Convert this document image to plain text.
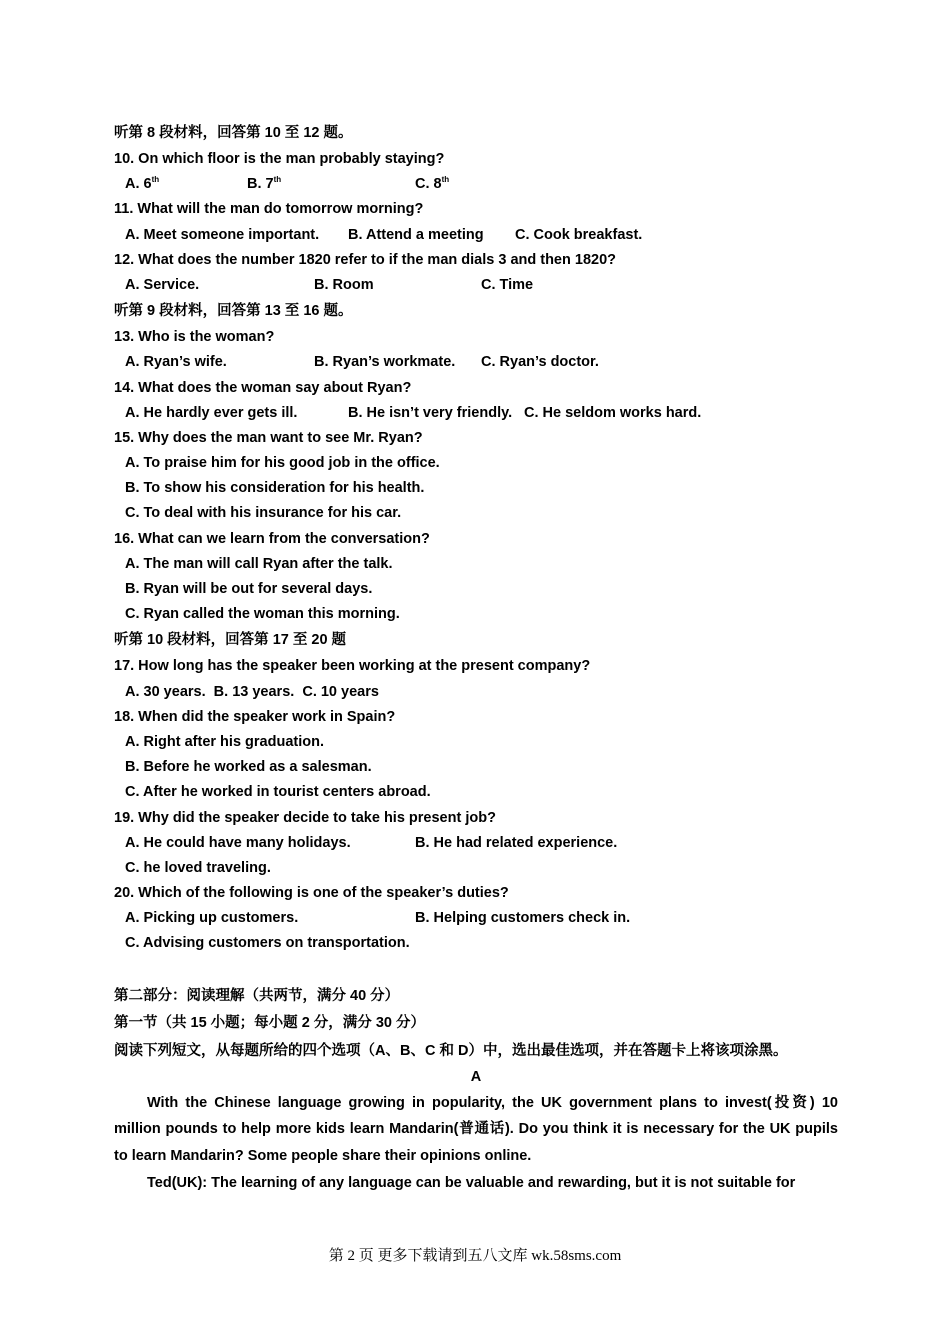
听第 8 段材料，回答第 10 至 12 题。
10. On which floor is the man probably staying?
A. 6th	B. 7th	C. 8th
11. What will the man do tomorrow morning?
A. Meet someone important. B. Attend a meeting C. Cook breakfast.
12. What does the number 1820 refer to if the man dials 3 and then 1820?
A. Service.	B. Room	C. Time
听第 9 段材料，回答第 13 至 16 题。
13. Who is the woman?
A. Ryan’s wife.	B. Ryan’s workmate. C. Ryan’s doctor.
14. What does the woman say about Ryan?
A. He hardly ever gets ill.	B. He isn’t very friendly. C. He seldom works hard.
15. Why does the man want to see Mr. Ryan?
A. To praise him for his good job in the office.
B. To show his consideration for his health.
C. To deal with his insurance for his car.
16. What can we learn from the conversation?
A. The man will call Ryan after the talk.
B. Ryan will be out for several days.
C. Ryan called the woman this morning.
听第 10 段材料，回答第 17 至 20 题
17. How long has the speaker been working at the present company?
A. 30 years.  B. 13 years.  C. 10 years
18. When did the speaker work in Spain?
A. Right after his graduation.
B. Before he worked as a salesman.
C. After he worked in tourist centers abroad.
19. Why did the speaker decide to take his present job?
A. He could have many holidays.	B. He had related experience.
C. he loved traveling.
20. Which of the following is one of the speaker’s duties?
A. Picking up customers.	B. Helping customers check in.
C. Advising customers on transportation.
第二部分：阅读理解（共两节，满分 40 分）
第一节（共 15 小题；每小题 2 分，满分 30 分）
阅读下列短文，从每题所给的四个选项（A、B、C 和 D）中，选出最佳选项，并在答题卡上将该项涂黑。
A
With the Chinese language growing in popularity, the UK government plans to invest(投资) 10 million pounds to help more kids learn Mandarin(普通话). Do you think it is necessary for the UK pupils to learn Mandarin? Some people share their opinions online.
Ted(UK): The learning of any language can be valuable and rewarding, but it is not suitable for
第 2 页 更多下载请到五八文库 wk.58sms.com
